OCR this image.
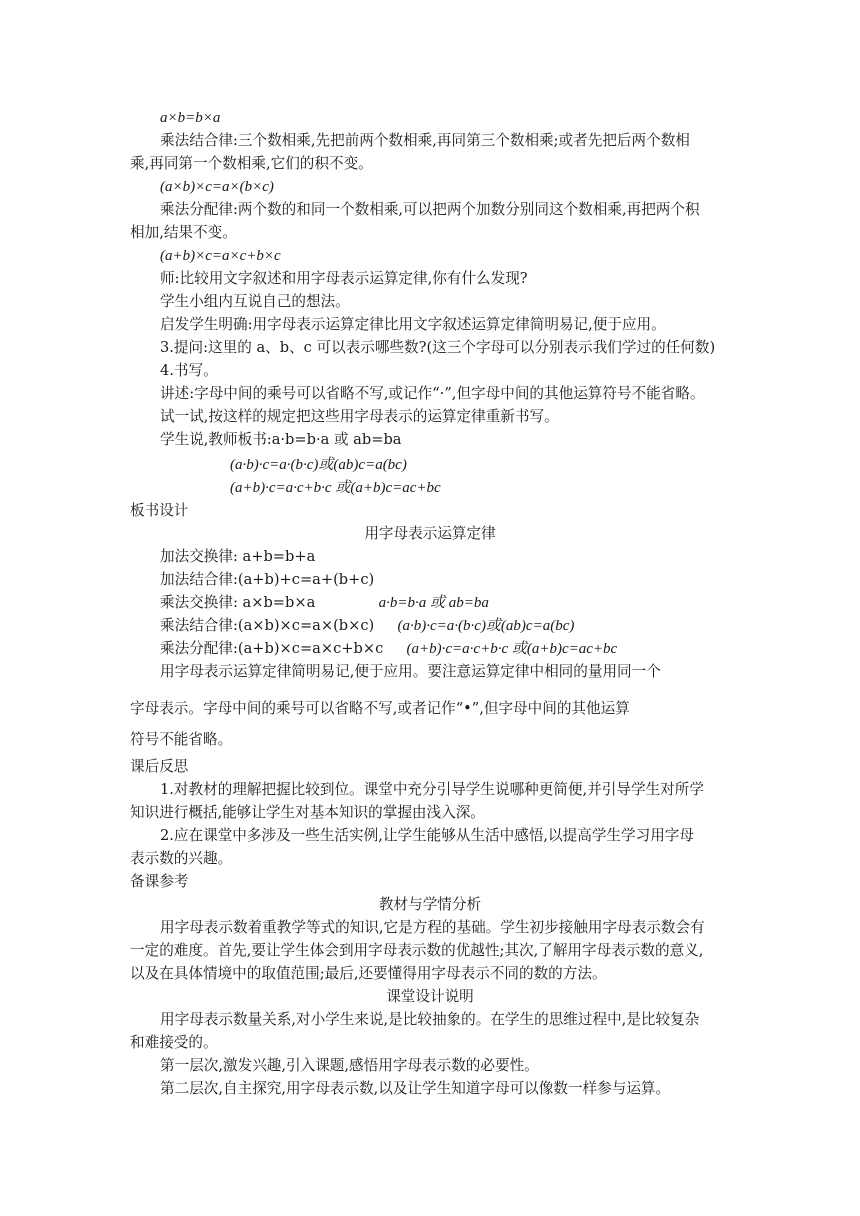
a×b=b×a
乘法结合律:三个数相乘,先把前两个数相乘,再同第三个数相乘;或者先把后两个数相
乘,再同第一个数相乘,它们的积不变。
(a×b)×c=a×(b×c)
乘法分配律:两个数的和同一个数相乘,可以把两个加数分别同这个数相乘,再把两个积
相加,结果不变。
(a+b)×c=a×c+b×c
师:比较用文字叙述和用字母表示运算定律,你有什么发现?
学生小组内互说自己的想法。
启发学生明确:用字母表示运算定律比用文字叙述运算定律简明易记,便于应用。
3.提问:这里的 a、b、c 可以表示哪些数?(这三个字母可以分别表示我们学过的任何数)
4.书写。
讲述:字母中间的乘号可以省略不写,或记作“·”,但字母中间的其他运算符号不能省略。
试一试,按这样的规定把这些用字母表示的运算定律重新书写。
学生说,教师板书:a·b=b·a 或 ab=ba
(a·b)·c=a·(b·c)或(ab)c=a(bc)
(a+b)·c=a·c+b·c 或(a+b)c=ac+bc
板书设计
用字母表示运算定律
加法交换律: a+b=b+a
加法结合律:(a+b)+c=a+(b+c)
乘法交换律: a×b=b×a	a·b=b·a 或 ab=ba
乘法结合律:(a×b)×c=a×(b×c) (a·b)·c=a·(b·c)或(ab)c=a(bc)
乘法分配律:(a+b)×c=a×c+b×c (a+b)·c=a·c+b·c 或(a+b)c=ac+bc
用字母表示运算定律简明易记,便于应用。要注意运算定律中相同的量用同一个
字母表示。字母中间的乘号可以省略不写,或者记作“•”,但字母中间的其他运算
符号不能省略。
课后反思
1.对教材的理解把握比较到位。课堂中充分引导学生说哪种更简便,并引导学生对所学
知识进行概括,能够让学生对基本知识的掌握由浅入深。
2.应在课堂中多涉及一些生活实例,让学生能够从生活中感悟,以提高学生学习用字母
表示数的兴趣。
备课参考
教材与学情分析
用字母表示数着重教学等式的知识,它是方程的基础。学生初步接触用字母表示数会有
一定的难度。首先,要让学生体会到用字母表示数的优越性;其次,了解用字母表示数的意义,
以及在具体情境中的取值范围;最后,还要懂得用字母表示不同的数的方法。
课堂设计说明
用字母表示数量关系,对小学生来说,是比较抽象的。在学生的思维过程中,是比较复杂
和难接受的。
第一层次,激发兴趣,引入课题,感悟用字母表示数的必要性。
第二层次,自主探究,用字母表示数,以及让学生知道字母可以像数一样参与运算。
